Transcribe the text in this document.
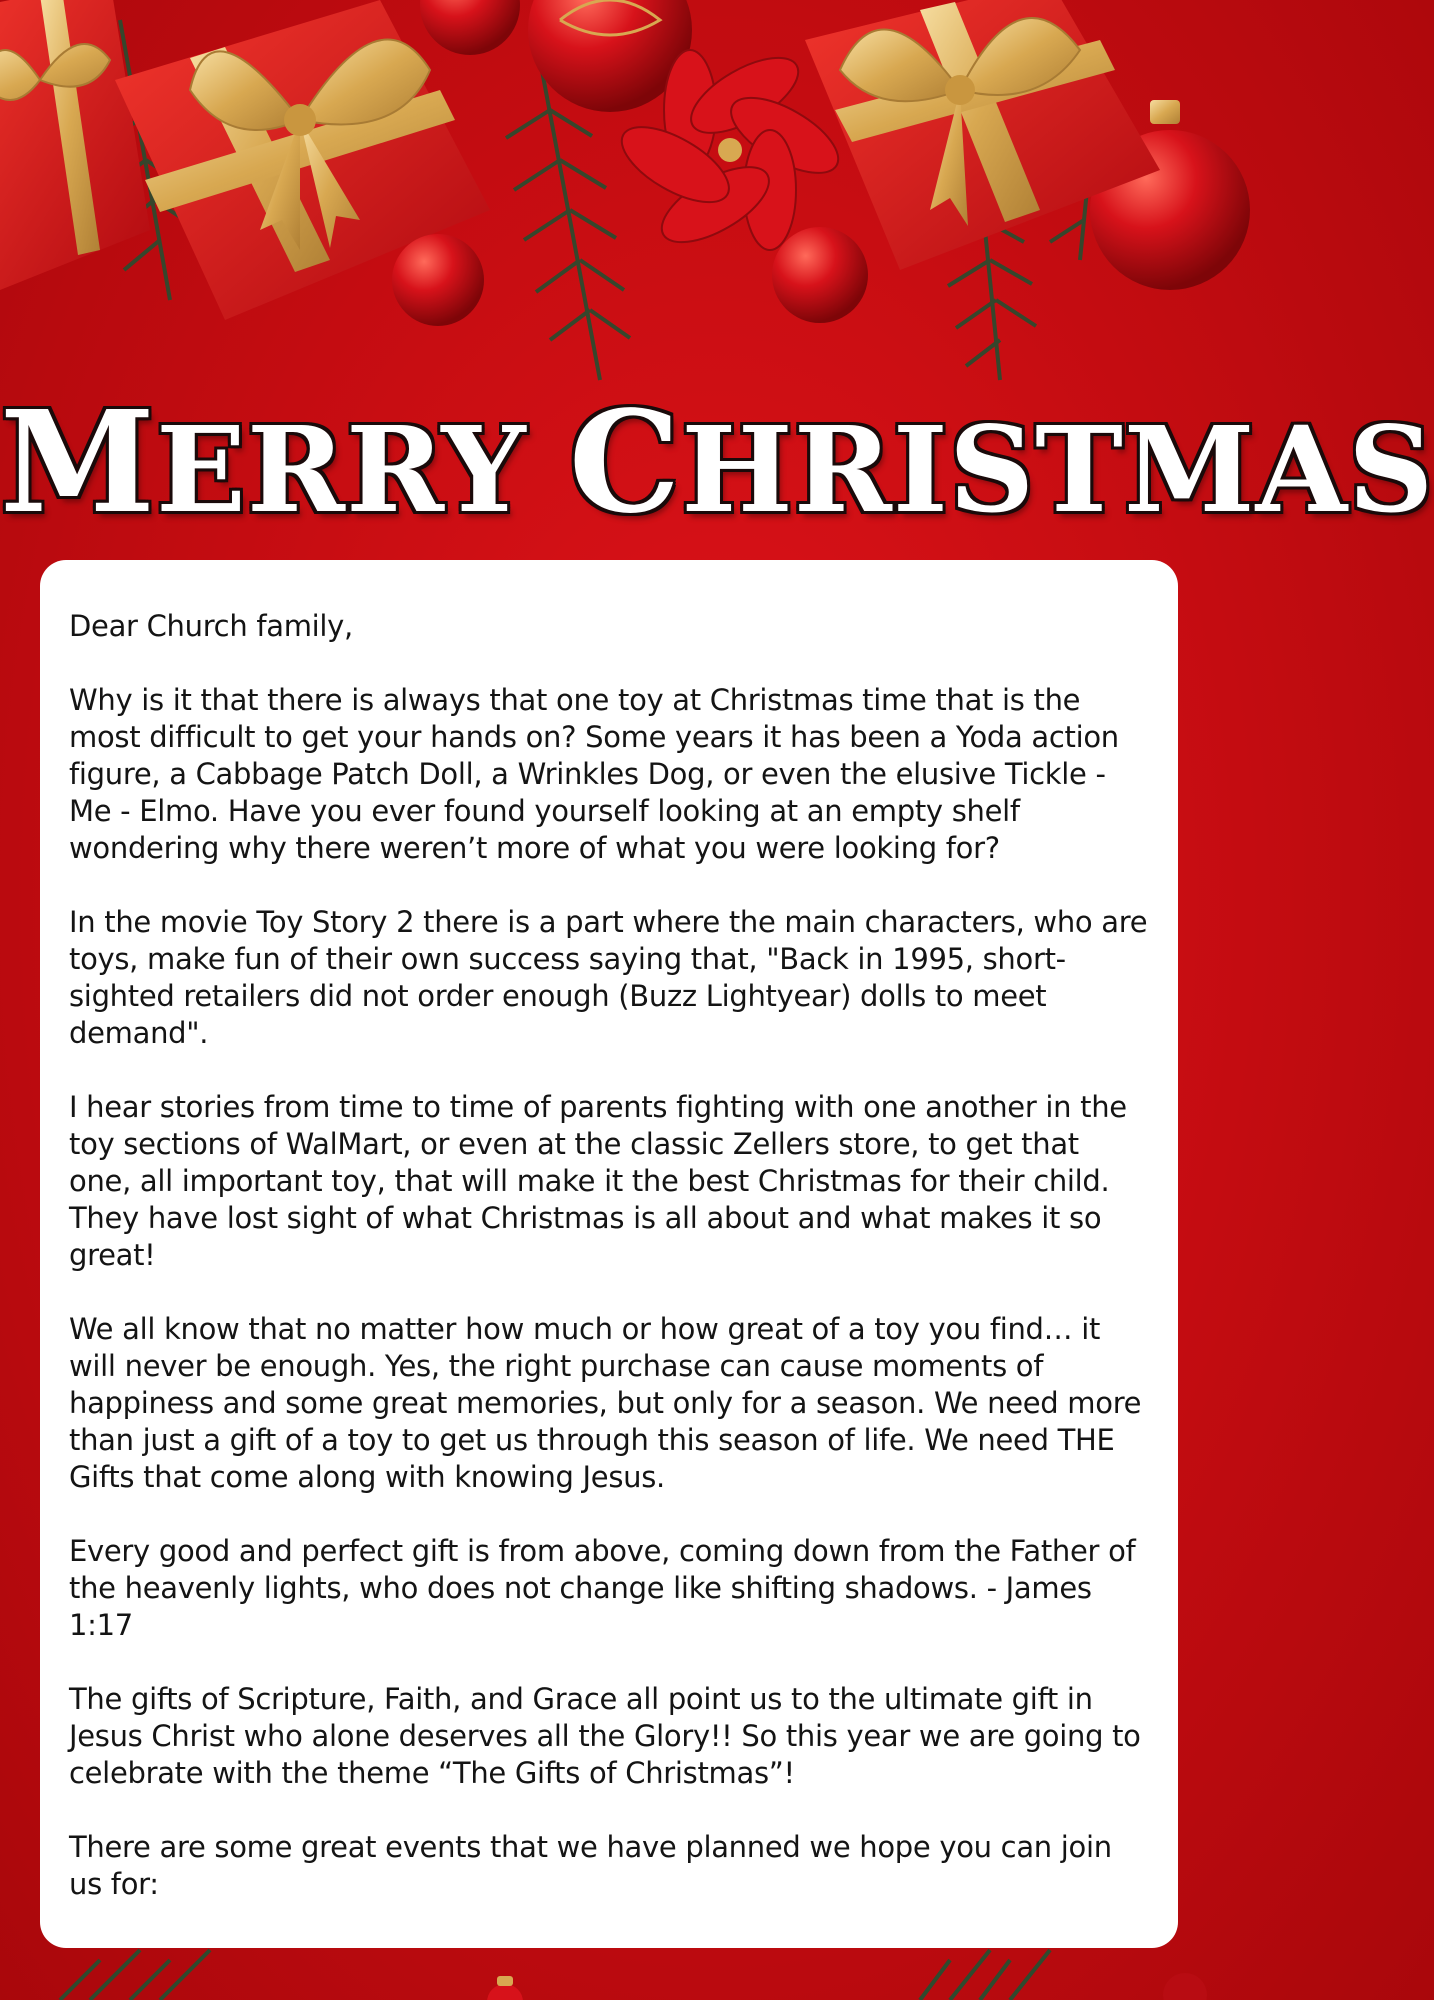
MERRY CHRISTMAS

Dear Church family,

Why is it that there is always that one toy at Christmas time that is the most difficult to get your hands on? Some years it has been a Yoda action figure, a Cabbage Patch Doll, a Wrinkles Dog, or even the elusive Tickle - Me - Elmo. Have you ever found yourself looking at an empty shelf wondering why there weren’t more of what you were looking for?

In the movie Toy Story 2 there is a part where the main characters, who are toys, make fun of their own success saying that, "Back in 1995, short-sighted retailers did not order enough (Buzz Lightyear) dolls to meet demand".

I hear stories from time to time of parents fighting with one another in the toy sections of WalMart, or even at the classic Zellers store, to get that one, all important toy, that will make it the best Christmas for their child. They have lost sight of what Christmas is all about and what makes it so great!

We all know that no matter how much or how great of a toy you find… it will never be enough. Yes, the right purchase can cause moments of happiness and some great memories, but only for a season. We need more than just a gift of a toy to get us through this season of life. We need THE Gifts that come along with knowing Jesus.

Every good and perfect gift is from above, coming down from the Father of the heavenly lights, who does not change like shifting shadows. - James 1:17

The gifts of Scripture, Faith, and Grace all point us to the ultimate gift in Jesus Christ who alone deserves all the Glory!! So this year we are going to celebrate with the theme “The Gifts of Christmas”!

There are some great events that we have planned we hope you can join us for:
